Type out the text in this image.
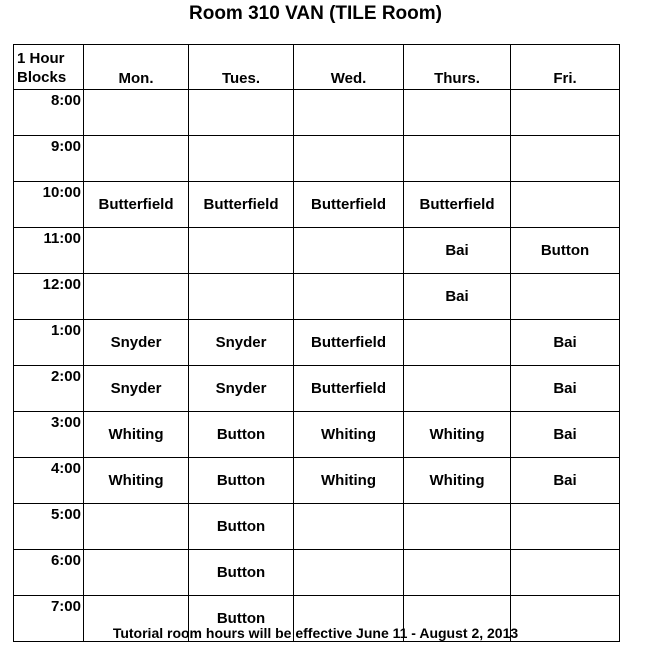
Room 310 VAN (TILE Room)
1 Hour
Blocks	Mon.	Tues.	Wed.	Thurs.	Fri.
8:00					
9:00					
10:00	Butterfield	Butterfield	Butterfield	Butterfield	
11:00				Bai	Button
12:00				Bai	
1:00	Snyder	Snyder	Butterfield		Bai
2:00	Snyder	Snyder	Butterfield		Bai
3:00	Whiting	Button	Whiting	Whiting	Bai
4:00	Whiting	Button	Whiting	Whiting	Bai
5:00		Button			
6:00		Button			
7:00		Button			
Tutorial room hours will be effective June 11 - August 2, 2013
